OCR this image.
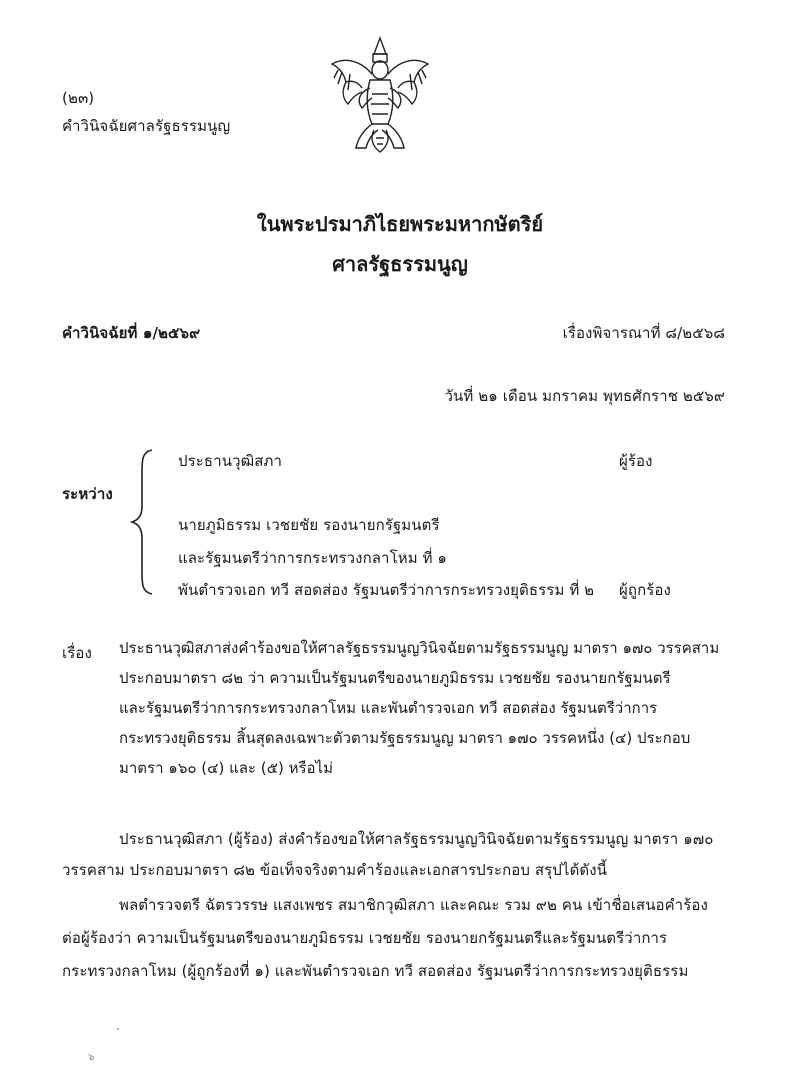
(๒๓)
คำวินิจฉัยศาลรัฐธรรมนูญ
ในพระปรมาภิไธยพระมหากษัตริย์
ศาลรัฐธรรมนูญ
คำวินิจฉัยที่ ๑/๒๕๖๙	เรื่องพิจารณาที่ ๘/๒๕๖๘
วันที่ ๒๑ เดือน มกราคม พุทธศักราช ๒๕๖๙
ระหว่าง
ประธานวุฒิสภา	ผู้ร้อง
นายภูมิธรรม เวชยชัย รองนายกรัฐมนตรี
และรัฐมนตรีว่าการกระทรวงกลาโหม ที่ ๑
พันตำรวจเอก ทวี สอดส่อง รัฐมนตรีว่าการกระทรวงยุติธรรม ที่ ๒ ผู้ถูกร้อง
เรื่อง ประธานวุฒิสภาส่งคำร้องขอให้ศาลรัฐธรรมนูญวินิจฉัยตามรัฐธรรมนูญ มาตรา ๑๗๐ วรรคสาม
ประกอบมาตรา ๘๒ ว่า ความเป็นรัฐมนตรีของนายภูมิธรรม เวชยชัย รองนายกรัฐมนตรี
และรัฐมนตรีว่าการกระทรวงกลาโหม และพันตำรวจเอก ทวี สอดส่อง รัฐมนตรีว่าการ
กระทรวงยุติธรรม สิ้นสุดลงเฉพาะตัวตามรัฐธรรมนูญ มาตรา ๑๗๐ วรรคหนึ่ง (๔) ประกอบ
มาตรา ๑๖๐ (๔) และ (๕) หรือไม่
ประธานวุฒิสภา (ผู้ร้อง) ส่งคำร้องขอให้ศาลรัฐธรรมนูญวินิจฉัยตามรัฐธรรมนูญ มาตรา ๑๗๐
วรรคสาม ประกอบมาตรา ๘๒ ข้อเท็จจริงตามคำร้องและเอกสารประกอบ สรุปได้ดังนี้
พลตำรวจตรี ฉัตรวรรษ แสงเพชร สมาชิกวุฒิสภา และคณะ รวม ๙๒ คน เข้าชื่อเสนอคำร้อง
ต่อผู้ร้องว่า ความเป็นรัฐมนตรีของนายภูมิธรรม เวชยชัย รองนายกรัฐมนตรีและรัฐมนตรีว่าการ
กระทรวงกลาโหม (ผู้ถูกร้องที่ ๑) และพันตำรวจเอก ทวี สอดส่อง รัฐมนตรีว่าการกระทรวงยุติธรรม
๖
